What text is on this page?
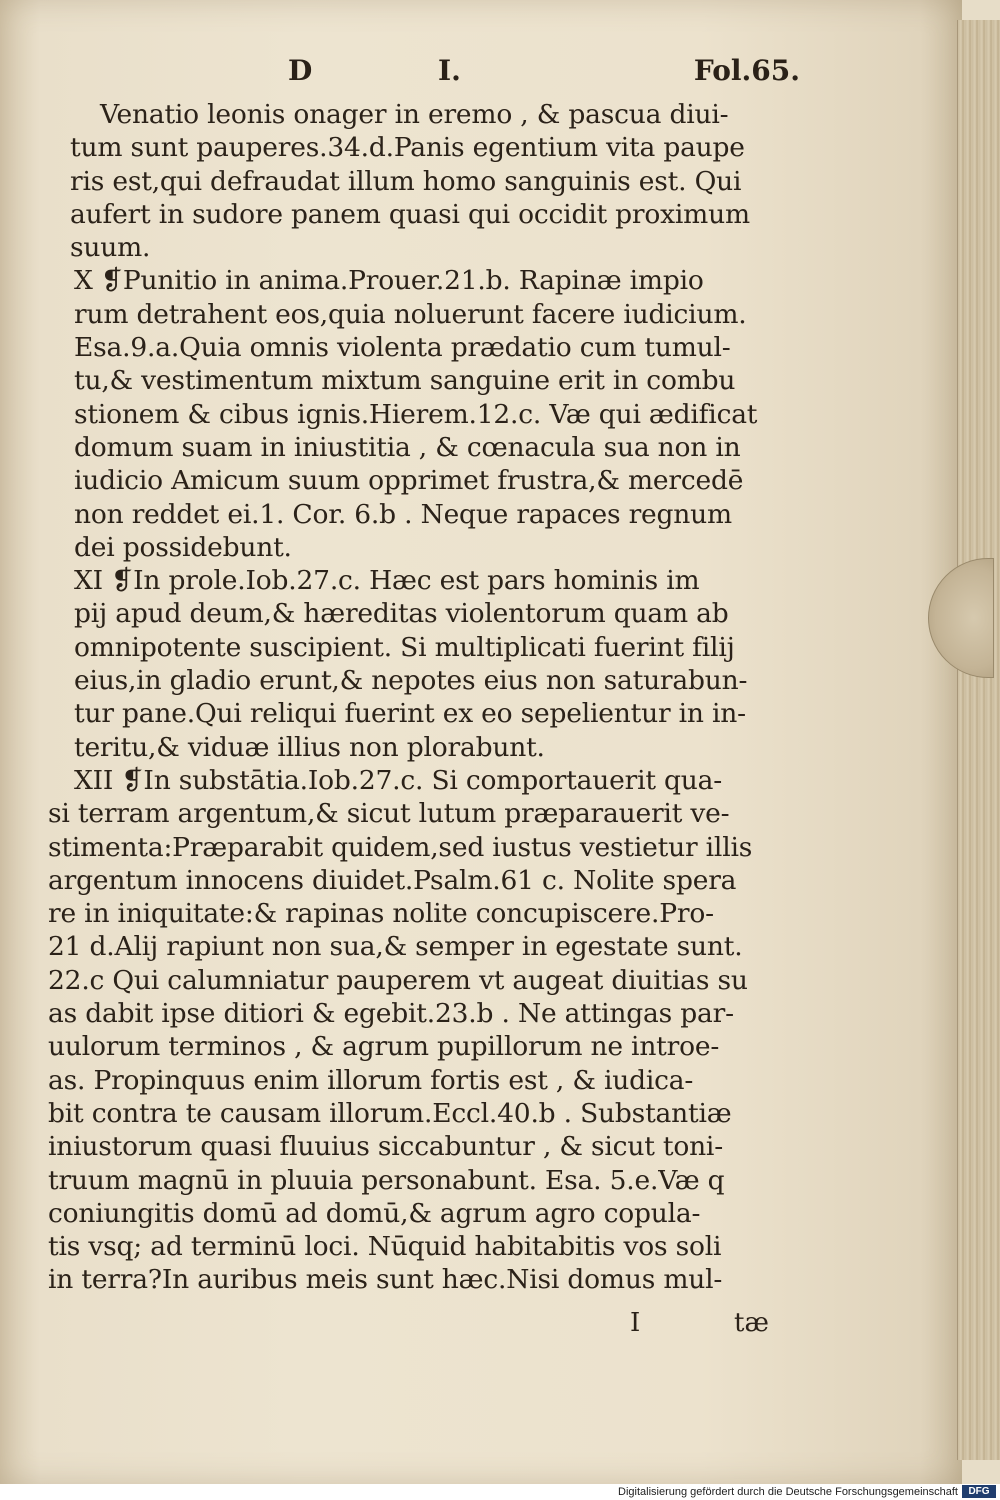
D	I.	Fol.65.
Venatio leonis onager in eremo , & pascua diui-
tum sunt pauperes.34.d.Panis egentium vita paupe
ris est,qui defraudat illum homo sanguinis est. Qui
aufert in sudore panem quasi qui occidit proximum
suum.
X ❡Punitio in anima.Prouer.21.b. Rapinæ impio
rum detrahent eos,quia noluerunt facere iudicium.
Esa.9.a.Quia omnis violenta prædatio cum tumul-
tu,& vestimentum mixtum sanguine erit in combu
stionem & cibus ignis.Hierem.12.c. Væ qui ædificat
domum suam in iniustitia , & cœnacula sua non in
iudicio Amicum suum opprimet frustra,& mercedē
non reddet ei.1. Cor. 6.b . Neque rapaces regnum
dei possidebunt.
XI ❡In prole.Iob.27.c. Hæc est pars hominis im
pij apud deum,& hæreditas violentorum quam ab
omnipotente suscipient. Si multiplicati fuerint filij
eius,in gladio erunt,& nepotes eius non saturabun-
tur pane.Qui reliqui fuerint ex eo sepelientur in in-
teritu,& viduæ illius non plorabunt.
XII ❡In substātia.Iob.27.c. Si comportauerit qua-
si terram argentum,& sicut lutum præparauerit ve-
stimenta:Præparabit quidem,sed iustus vestietur illis
argentum innocens diuidet.Psalm.61 c. Nolite spera
re in iniquitate:& rapinas nolite concupiscere.Pro-
21 d.Alij rapiunt non sua,& semper in egestate sunt.
22.c Qui calumniatur pauperem vt augeat diuitias su
as dabit ipse ditiori & egebit.23.b . Ne attingas par-
uulorum terminos , & agrum pupillorum ne introe-
as. Propinquus enim illorum fortis est , & iudica-
bit contra te causam illorum.Eccl.40.b . Substantiæ
iniustorum quasi fluuius siccabuntur , & sicut toni-
truum magnū in pluuia personabunt. Esa. 5.e.Væ q
coniungitis domū ad domū,& agrum agro copula-
tis vsq; ad terminū loci. Nūquid habitabitis vos soli
in terra?In auribus meis sunt hæc.Nisi domus mul-
I	tæ
Digitalisierung gefördert durch die Deutsche Forschungsgemeinschaft	DFG
